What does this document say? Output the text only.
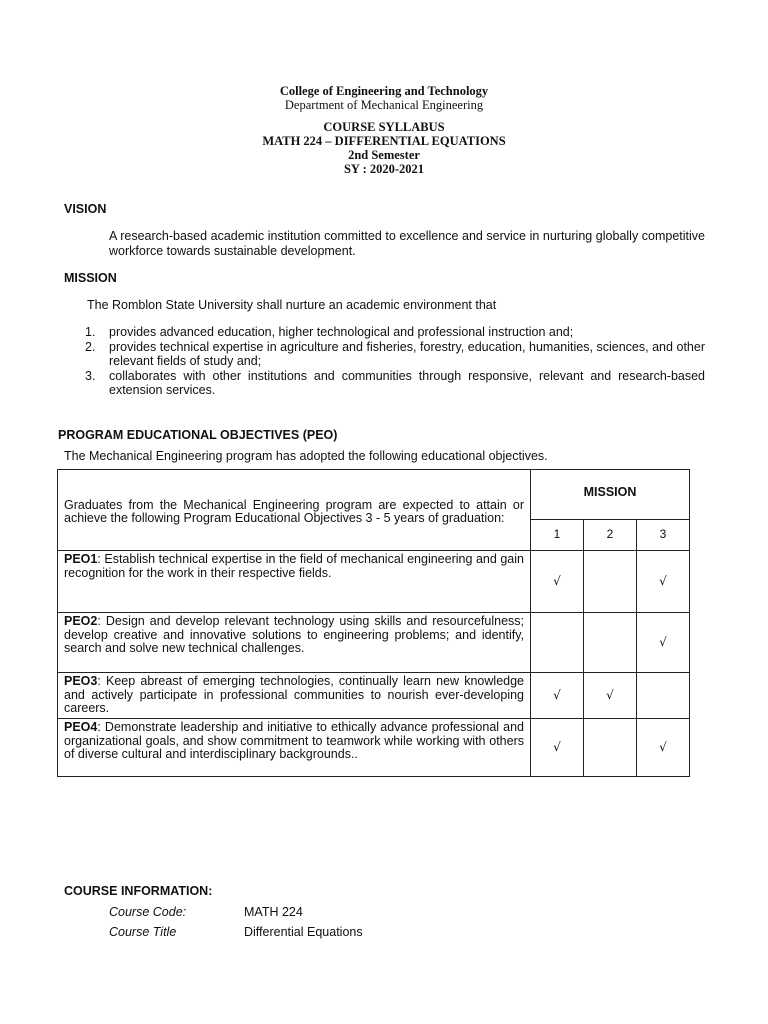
College of Engineering and Technology
Department of Mechanical Engineering
COURSE SYLLABUS
MATH 224 – DIFFERENTIAL EQUATIONS
2nd Semester
SY : 2020-2021
VISION
A research-based academic institution committed to excellence and service in nurturing globally competitive workforce towards sustainable development.
MISSION
The Romblon State University shall nurture an academic environment that
1. provides advanced education, higher technological and professional instruction and;
2. provides technical expertise in agriculture and fisheries, forestry, education, humanities, sciences, and other relevant fields of study and;
3. collaborates with other institutions and communities through responsive, relevant and research-based extension services.
PROGRAM EDUCATIONAL OBJECTIVES (PEO)
The Mechanical Engineering program has adopted the following educational objectives.
Graduates from the Mechanical Engineering program are expected to attain or achieve the following Program Educational Objectives 3 - 5 years of graduation:	MISSION		
	1	2	3
PEO1: Establish technical expertise in the field of mechanical engineering and gain recognition for the work in their respective fields.	√		√
PEO2: Design and develop relevant technology using skills and resourcefulness; develop creative and innovative solutions to engineering problems; and identify, search and solve new technical challenges.			√
PEO3: Keep abreast of emerging technologies, continually learn new knowledge and actively participate in professional communities to nourish ever-developing careers.	√	√	
PEO4: Demonstrate leadership and initiative to ethically advance professional and organizational goals, and show commitment to teamwork while working with others of diverse cultural and interdisciplinary backgrounds..	√		√
COURSE INFORMATION:
Course Code:	MATH 224
Course Title	Differential Equations
